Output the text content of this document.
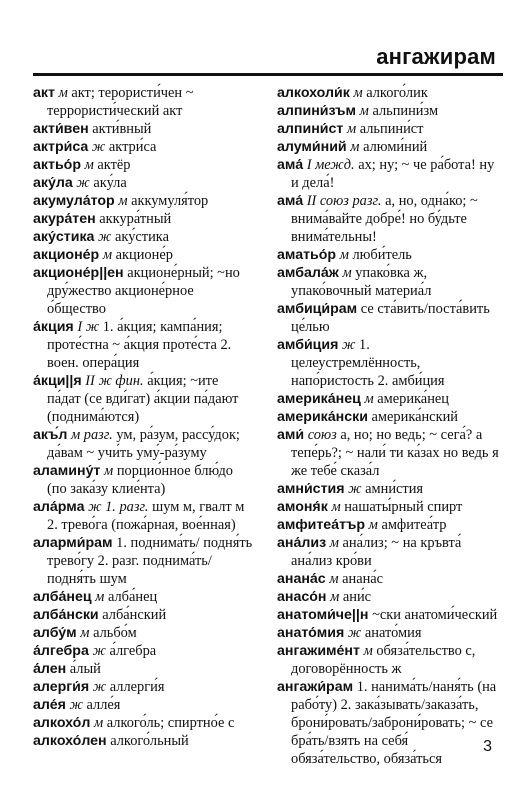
ангажирам

акт м акт; терористи́чен ~ террористи́ческий акт

акти́вен акти́вный

актри́са ж актри́са

актьо́р м актёр

аку́ла ж аку́ла

акумула́тор м аккумуля́тор

акура́тен аккура́тный

аку́стика ж аку́стика

акционе́р м акционе́р

акционе́р||ен акционе́рный; ~но дру́жество акционе́рное о́бщество

а́кция I ж 1. а́кция; кампа́ния; проте́стна ~ а́кция проте́ста 2. воен. опера́ция

а́кци||я II ж фин. а́кция; ~ите па́дат (се вди́гат) а́кции па́дают (поднима́ются)

акъ́л м разг. ум, ра́зум, рассу́док; да́вам ~ учи́ть уму́-ра́зуму

аламину́т м порцио́нное блю́до (по зака́зу клие́нта)

ала́рма ж 1. разг. шум м, гвалт м 2. трево́га (пожа́рная, вое́нная)

аларми́рам 1. поднима́ть/ подня́ть трево́гу 2. разг. поднима́ть/подня́ть шум

алба́нец м алба́нец

алба́нски алба́нский

албу́м м альбо́м

а́лгебра ж а́лгебра

а́лен а́лый

алерги́я ж аллерги́я

але́я ж алле́я

алкохо́л м алкого́ль; спиртно́е с

алкохо́лен алкого́льный

алкохоли́к м алкого́лик

алпини́зъм м альпини́зм

алпини́ст м альпини́ст

алуми́ний м алюми́ний

ама́ I межд. ах; ну; ~ че ра́бота! ну и дела́!

ама́ II союз разг. а, но, одна́ко; ~ внима́вайте добре́! но бу́дьте внима́тельны!

аматьо́р м люби́тель

амбала́ж м упако́вка ж, упако́вочный материа́л

амбици́рам се ста́вить/поста́вить це́лью

амби́ция ж 1. целеустремлённость, напо́ристость 2. амби́ция

америка́нец м америка́нец

америка́нски америка́нский

ами́ союз а, но; но ведь; ~ сега́? а тепе́рь?; ~ нали́ ти ка́зах но ведь я же тебе́ сказа́л

амни́стия ж амни́стия

амоня́к м нашаты́рный спирт

амфитеа́тър м амфитеа́тр

ана́лиз м ана́лиз; ~ на кръвта́ ана́лиз кро́ви

анана́с м анана́с

анасо́н м ани́с

анатоми́че||н ~ски анатоми́ческий

анато́мия ж анато́мия

ангажиме́нт м обяза́тельство с, договорённость ж

ангажи́рам 1. нанима́ть/наня́ть (на рабо́ту) 2. зака́зывать/заказа́ть, брони́ровать/заброни́ровать; ~ се бра́ть/взять на себя́ обяза́тельство, обяза́ться

3
